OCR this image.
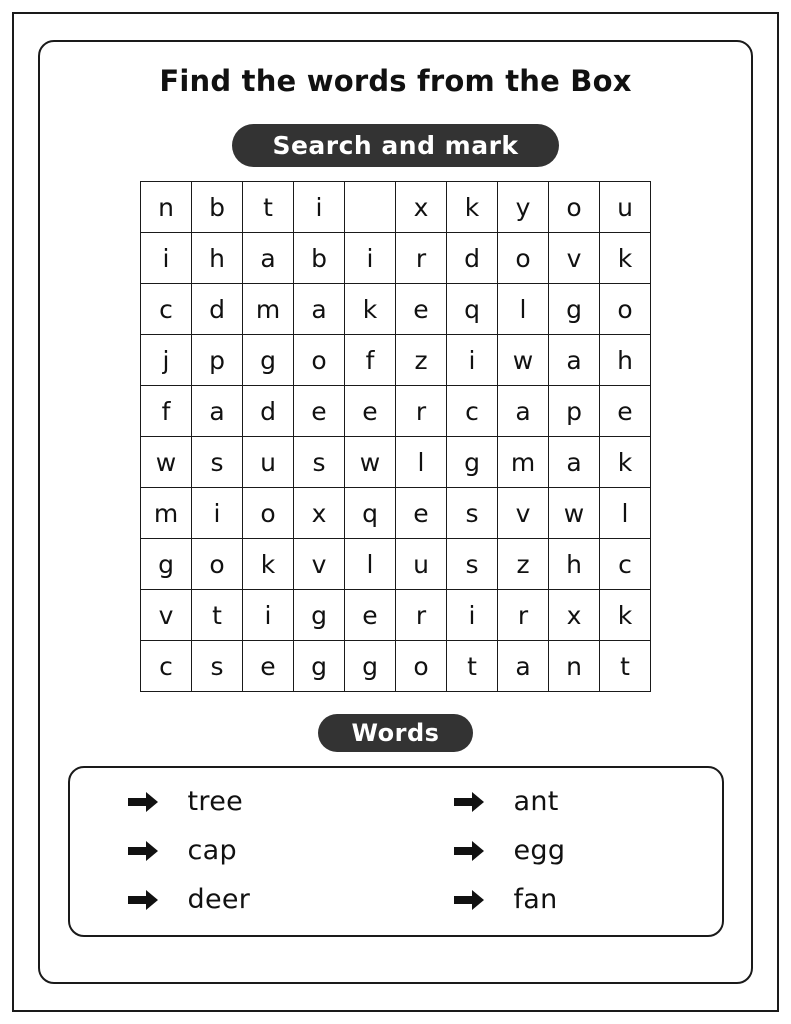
Find the words from the Box
Search and mark
n	b	t	i		x	k	y	o	u
i	h	a	b	i	r	d	o	v	k
c	d	m	a	k	e	q	l	g	o
j	p	g	o	f	z	i	w	a	h
f	a	d	e	e	r	c	a	p	e
w	s	u	s	w	l	g	m	a	k
m	i	o	x	q	e	s	v	w	l
g	o	k	v	l	u	s	z	h	c
v	t	i	g	e	r	i	r	x	k
c	s	e	g	g	o	t	a	n	t
Words
tree	ant
cap	egg
deer	fan
